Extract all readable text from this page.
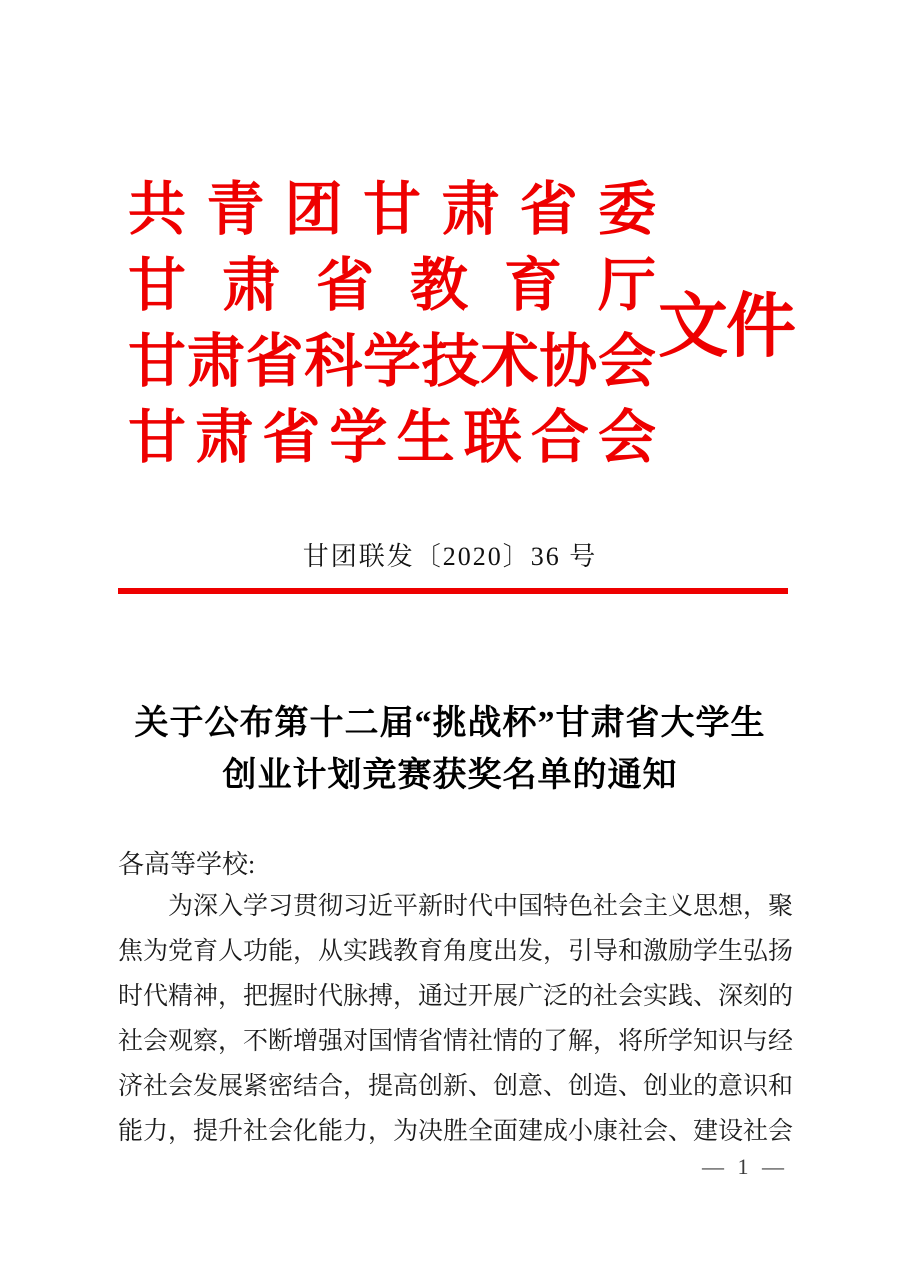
共青团甘肃省委
甘肃省教育厅
甘肃省科学技术协会
甘肃省学生联合会
文件
甘团联发〔2020〕36 号
关于公布第十二届“挑战杯”甘肃省大学生
创业计划竞赛获奖名单的通知
各高等学校:
为深入学习贯彻习近平新时代中国特色社会主义思想，聚
焦为党育人功能，从实践教育角度出发，引导和激励学生弘扬
时代精神，把握时代脉搏，通过开展广泛的社会实践、深刻的
社会观察，不断增强对国情省情社情的了解，将所学知识与经
济社会发展紧密结合，提高创新、创意、创造、创业的意识和
能力，提升社会化能力，为决胜全面建成小康社会、建设社会
— 1 —
